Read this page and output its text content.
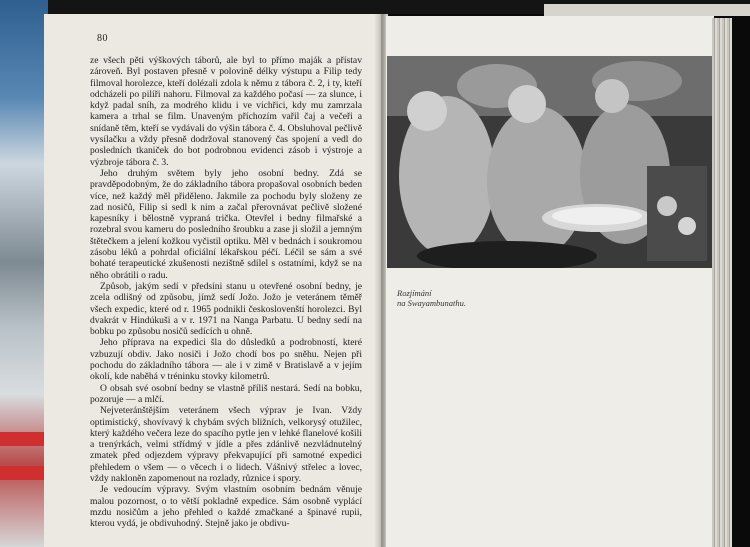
80

ze všech pěti výškových táborů, ale byl to přímo maják a přístav zároveň. Byl postaven přesně v polovině délky výstupu a Filip tedy filmoval horolezce, kteří dolézali zdola k němu z tábora č. 2, i ty, kteří odcházeli po pilíři nahoru. Filmoval za každého počasí — za slunce, i když padal sníh, za modrého klidu i ve vichřici, kdy mu zamrzala kamera a trhal se film. Unaveným příchozím vařil čaj a večeři a snídaně těm, kteří se vydávali do výšin tábora č. 4. Obsluhoval pečlivě vysílačku a vždy přesně dodržoval stanovený čas spojení a vedl do posledních tkaniček do bot podrobnou evidenci zásob i výstroje a výzbroje tábora č. 3.

Jeho druhým světem byly jeho osobní bedny. Zdá se pravděpodobným, že do základního tábora propašoval osobních beden více, než každý měl přiděleno. Jakmile za pochodu byly složeny ze zad nosičů, Filip si sedl k nim a začal přerovnávat pečlivě složené kapesníky i bělostně vypraná trička. Otevřel i bedny filmařské a rozebral svou kameru do posledního šroubku a zase ji složil a jemným štětečkem a jelení kožkou vyčistil optiku. Měl v bednách i soukromou zásobu léků a pohrdal oficiální lékařskou péčí. Léčil se sám a své bohaté terapeutické zkušenosti nezištně sdílel s ostatními, když se na něho obrátili o radu.

Způsob, jakým sedí v předsíni stanu u otevřené osobní bedny, je zcela odlišný od způsobu, jímž sedí Jožo. Jožo je veteránem těměř všech expedic, které od r. 1965 podnikli českoslovenští horolezci. Byl dvakrát v Hindúkuši a v r. 1971 na Nanga Parbatu. U bedny sedí na bobku po způsobu nosičů sedících u ohně.

Jeho příprava na expedici šla do důsledků a podrobností, které vzbuzují obdiv. Jako nosiči i Jožo chodí bos po sněhu. Nejen při pochodu do základního tábora — ale i v zimě v Bratislavě a v jejím okolí, kde naběhá v tréninku stovky kilometrů.

O obsah své osobní bedny se vlastně příliš nestará. Sedí na bobku, pozoruje — a mlčí.

Nejveteránštějším veteránem všech výprav je Ivan. Vždy optimistický, shovívavý k chybám svých bližních, velkorysý otužilec, který každého večera leze do spacího pytle jen v lehké flanelové košili a trenýrkách, velmi střídmý v jídle a přes zdánlivě nezvládnutelný zmatek před odjezdem výpravy překvapující při samotné expedici přehledem o všem — o věcech i o lidech. Vášnivý střelec a lovec, vždy nakloněn zapomenout na rozlady, různice i spory.

Je vedoucím výpravy. Svým vlastním osobním bednám věnuje malou pozornost, o to větší pokladně expedice. Sám osobně vyplácí mzdu nosičům a jeho přehled o každé zmačkané a špinavé rupii, kterou vydá, je obdivuhodný. Stejně jako je obdivu-

Rozjímání
na Swayambunathu.
